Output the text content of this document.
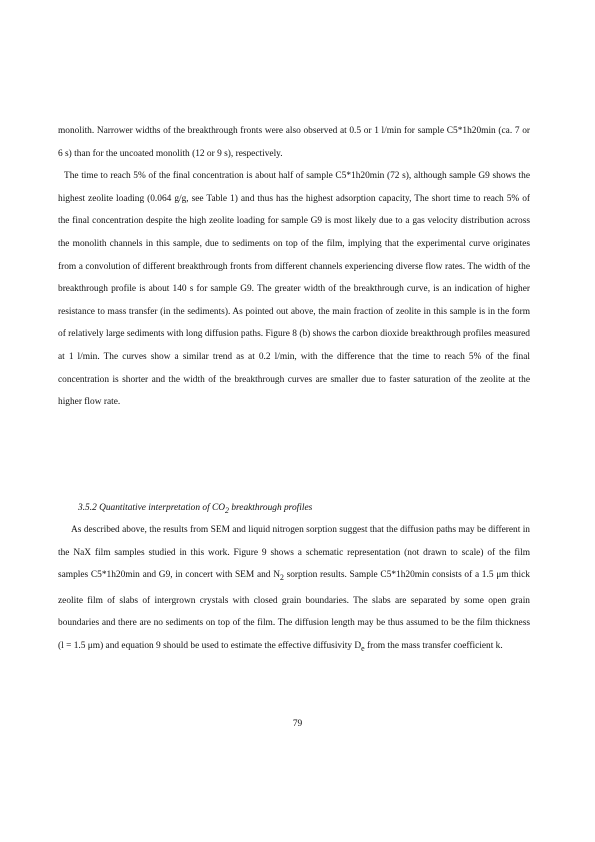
monolith. Narrower widths of the breakthrough fronts were also observed at 0.5 or 1 l/min for sample C5*1h20min (ca. 7 or 6 s) than for the uncoated monolith (12 or 9 s), respectively.

The time to reach 5% of the final concentration is about half of sample C5*1h20min (72 s), although sample G9 shows the highest zeolite loading (0.064 g/g, see Table 1) and thus has the highest adsorption capacity, The short time to reach 5% of the final concentration despite the high zeolite loading for sample G9 is most likely due to a gas velocity distribution across the monolith channels in this sample, due to sediments on top of the film, implying that the experimental curve originates from a convolution of different breakthrough fronts from different channels experiencing diverse flow rates. The width of the breakthrough profile is about 140 s for sample G9. The greater width of the breakthrough curve, is an indication of higher resistance to mass transfer (in the sediments). As pointed out above, the main fraction of zeolite in this sample is in the form of relatively large sediments with long diffusion paths. Figure 8 (b) shows the carbon dioxide breakthrough profiles measured at 1 l/min. The curves show a similar trend as at 0.2 l/min, with the difference that the time to reach 5% of the final concentration is shorter and the width of the breakthrough curves are smaller due to faster saturation of the zeolite at the higher flow rate.

3.5.2 Quantitative interpretation of $CO_2$ breakthrough profiles

As described above, the results from SEM and liquid nitrogen sorption suggest that the diffusion paths may be different in the NaX film samples studied in this work. Figure 9 shows a schematic representation (not drawn to scale) of the film samples C5*1h20min and G9, in concert with SEM and $N_2$ sorption results. Sample C5*1h20min consists of a 1.5 μm thick zeolite film of slabs of intergrown crystals with closed grain boundaries. The slabs are separated by some open grain boundaries and there are no sediments on top of the film. The diffusion length may be thus assumed to be the film thickness (l = 1.5 μm) and equation 9 should be used to estimate the effective diffusivity $D_e$ from the mass transfer coefficient k.

79
